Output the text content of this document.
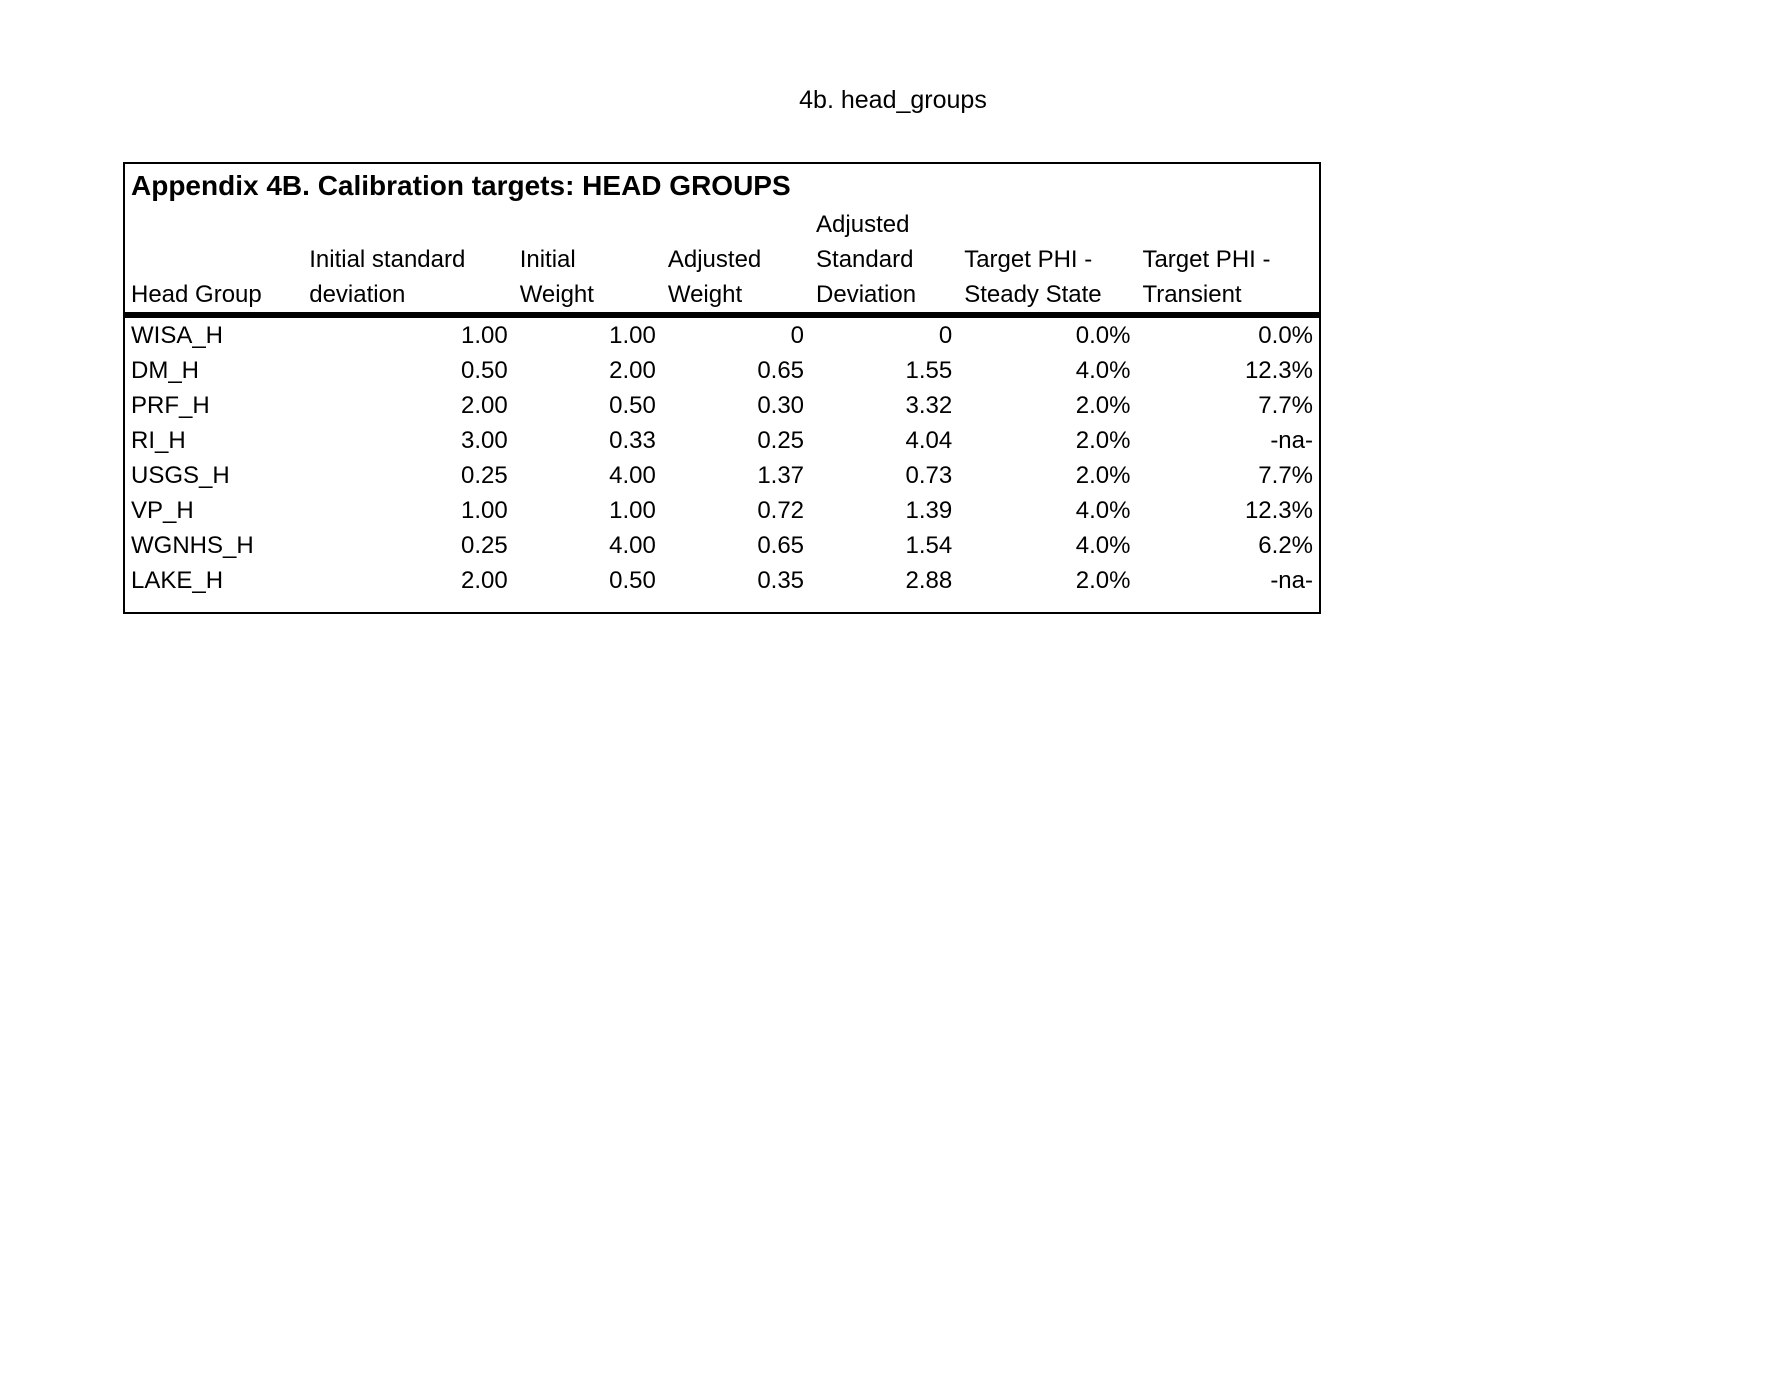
4b. head_groups
Appendix 4B. Calibration targets: HEAD GROUPS
Head Group	Initial standard deviation	Initial Weight	Adjusted Weight	Adjusted Standard Deviation	Target PHI - Steady State	Target PHI - Transient
WISA_H	1.00	1.00	0	0	0.0%	0.0%
DM_H	0.50	2.00	0.65	1.55	4.0%	12.3%
PRF_H	2.00	0.50	0.30	3.32	2.0%	7.7%
RI_H	3.00	0.33	0.25	4.04	2.0%	-na-
USGS_H	0.25	4.00	1.37	0.73	2.0%	7.7%
VP_H	1.00	1.00	0.72	1.39	4.0%	12.3%
WGNHS_H	0.25	4.00	0.65	1.54	4.0%	6.2%
LAKE_H	2.00	0.50	0.35	2.88	2.0%	-na-
